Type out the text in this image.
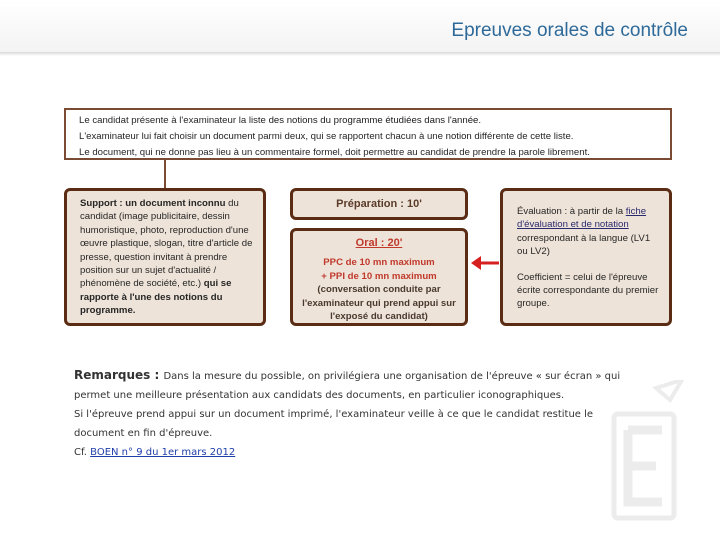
Epreuves orales de contrôle
Le candidat présente à l'examinateur la liste des notions du programme étudiées dans l'année.
L'examinateur lui fait choisir un document parmi deux, qui se rapportent chacun à une notion différente de cette liste.
Le document, qui ne donne pas lieu à un commentaire formel, doit permettre au candidat de prendre la parole librement.
Support : un document inconnu du candidat (image publicitaire, dessin humoristique, photo, reproduction d'une œuvre plastique, slogan, titre d'article de presse, question invitant à prendre position sur un sujet d'actualité / phénomène de société, etc.) qui se rapporte à l'une des notions du programme.
Préparation : 10'
Oral : 20'
PPC de 10 mn maximum
+ PPI de 10 mn maximum
(conversation conduite par l'examinateur qui prend appui sur l'exposé du candidat)
Évaluation : à partir de la fiche d'évaluation et de notation correspondant à la langue (LV1 ou LV2)
Coefficient = celui de l'épreuve écrite correspondante du premier groupe.
Remarques : Dans la mesure du possible, on privilégiera une organisation de l'épreuve « sur écran » qui permet une meilleure présentation aux candidats des documents, en particulier iconographiques.
Si l'épreuve prend appui sur un document imprimé, l'examinateur veille à ce que le candidat restitue le document en fin d'épreuve.
Cf. BOEN n° 9 du 1er mars 2012
